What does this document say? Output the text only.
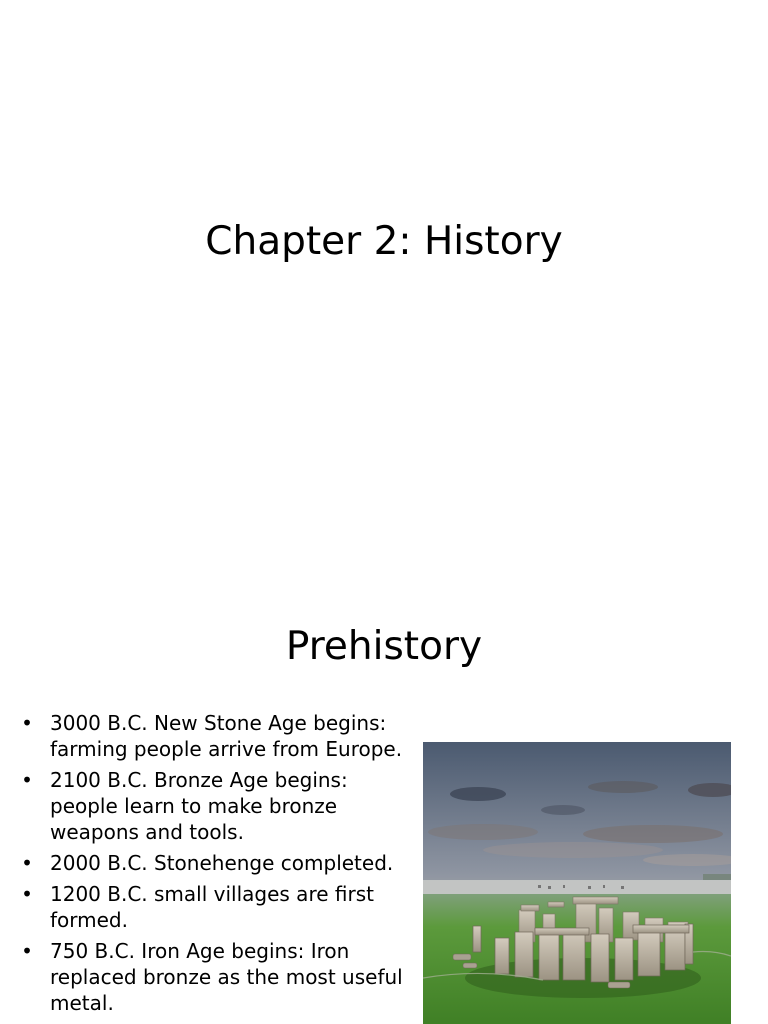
Chapter 2: History
Prehistory
• 3000 B.C. New Stone Age begins: farming people arrive from Europe.
• 2100 B.C. Bronze Age begins: people learn to make bronze weapons and tools.
• 2000 B.C. Stonehenge completed.
• 1200 B.C. small villages are first formed.
• 750 B.C. Iron Age begins: Iron replaced bronze as the most useful metal.
